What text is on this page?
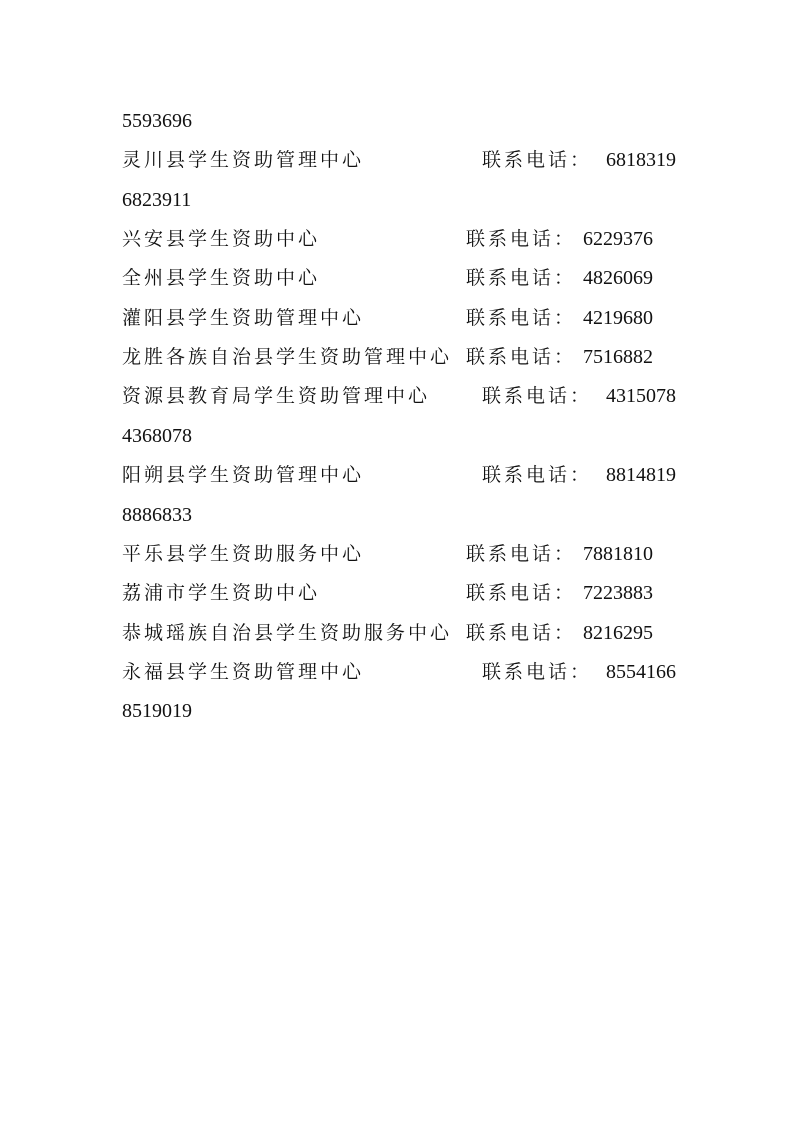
5593696
灵川县学生资助管理中心	联系电话： 6818319
6823911
兴安县学生资助中心	联系电话： 6229376
全州县学生资助中心	联系电话： 4826069
灌阳县学生资助管理中心	联系电话： 4219680
龙胜各族自治县学生资助管理中心 联系电话： 7516882
资源县教育局学生资助管理中心	联系电话： 4315078
4368078
阳朔县学生资助管理中心	联系电话： 8814819
8886833
平乐县学生资助服务中心	联系电话： 7881810
荔浦市学生资助中心	联系电话： 7223883
恭城瑶族自治县学生资助服务中心 联系电话： 8216295
永福县学生资助管理中心	联系电话： 8554166
8519019
